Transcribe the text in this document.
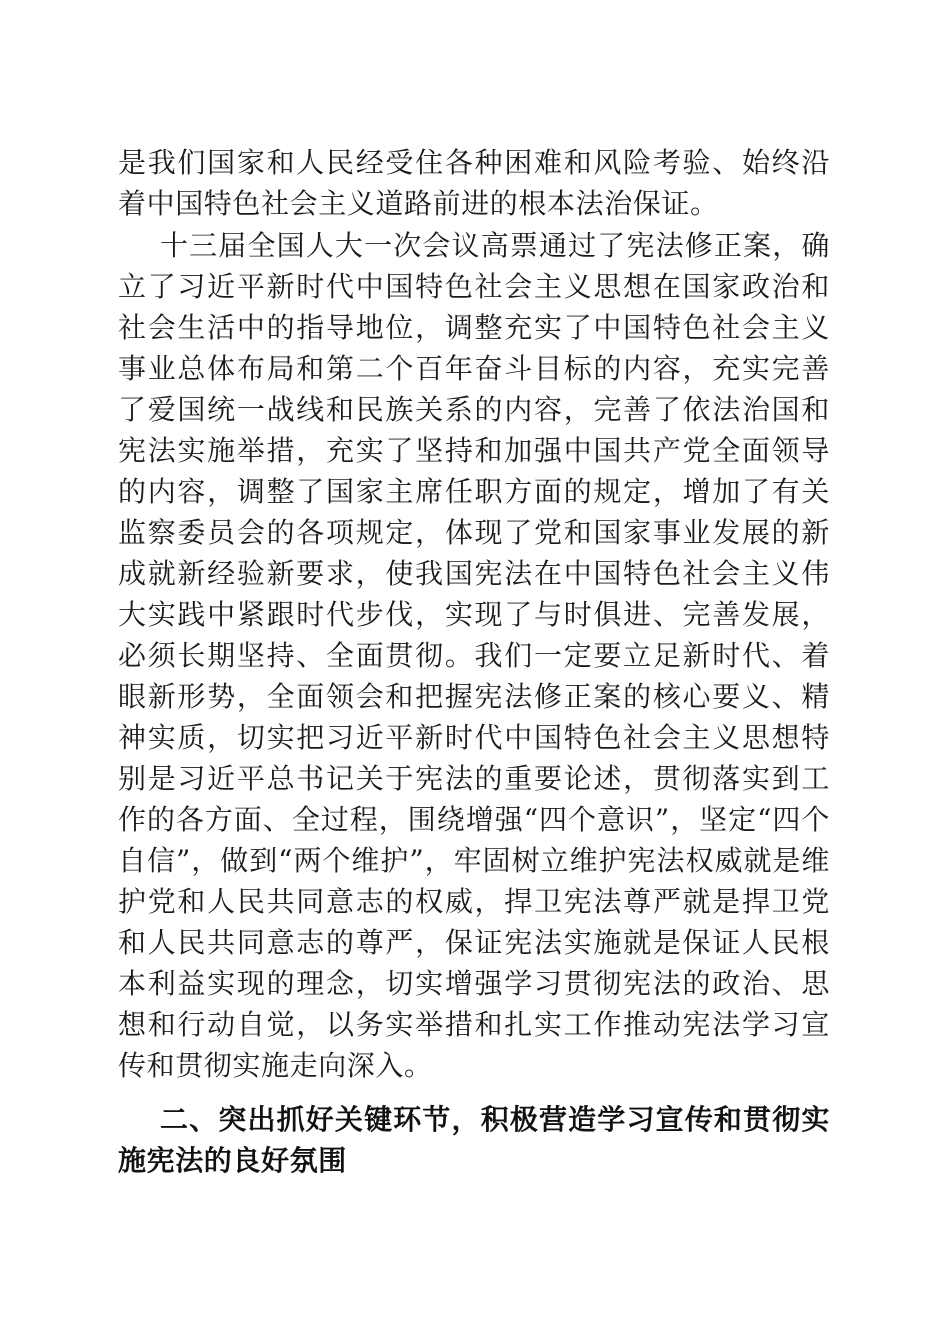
是我们国家和人民经受住各种困难和风险考验、始终沿着中国特色社会主义道路前进的根本法治保证。

十三届全国人大一次会议高票通过了宪法修正案，确立了习近平新时代中国特色社会主义思想在国家政治和社会生活中的指导地位，调整充实了中国特色社会主义事业总体布局和第二个百年奋斗目标的内容，充实完善了爱国统一战线和民族关系的内容，完善了依法治国和宪法实施举措，充实了坚持和加强中国共产党全面领导的内容，调整了国家主席任职方面的规定，增加了有关监察委员会的各项规定，体现了党和国家事业发展的新成就新经验新要求，使我国宪法在中国特色社会主义伟大实践中紧跟时代步伐，实现了与时俱进、完善发展，必须长期坚持、全面贯彻。我们一定要立足新时代、着眼新形势，全面领会和把握宪法修正案的核心要义、精神实质，切实把习近平新时代中国特色社会主义思想特别是习近平总书记关于宪法的重要论述，贯彻落实到工作的各方面、全过程，围绕增强“四个意识”，坚定“四个自信”，做到“两个维护”，牢固树立维护宪法权威就是维护党和人民共同意志的权威，捍卫宪法尊严就是捍卫党和人民共同意志的尊严，保证宪法实施就是保证人民根本利益实现的理念，切实增强学习贯彻宪法的政治、思想和行动自觉，以务实举措和扎实工作推动宪法学习宣传和贯彻实施走向深入。

二、突出抓好关键环节，积极营造学习宣传和贯彻实施宪法的良好氛围
